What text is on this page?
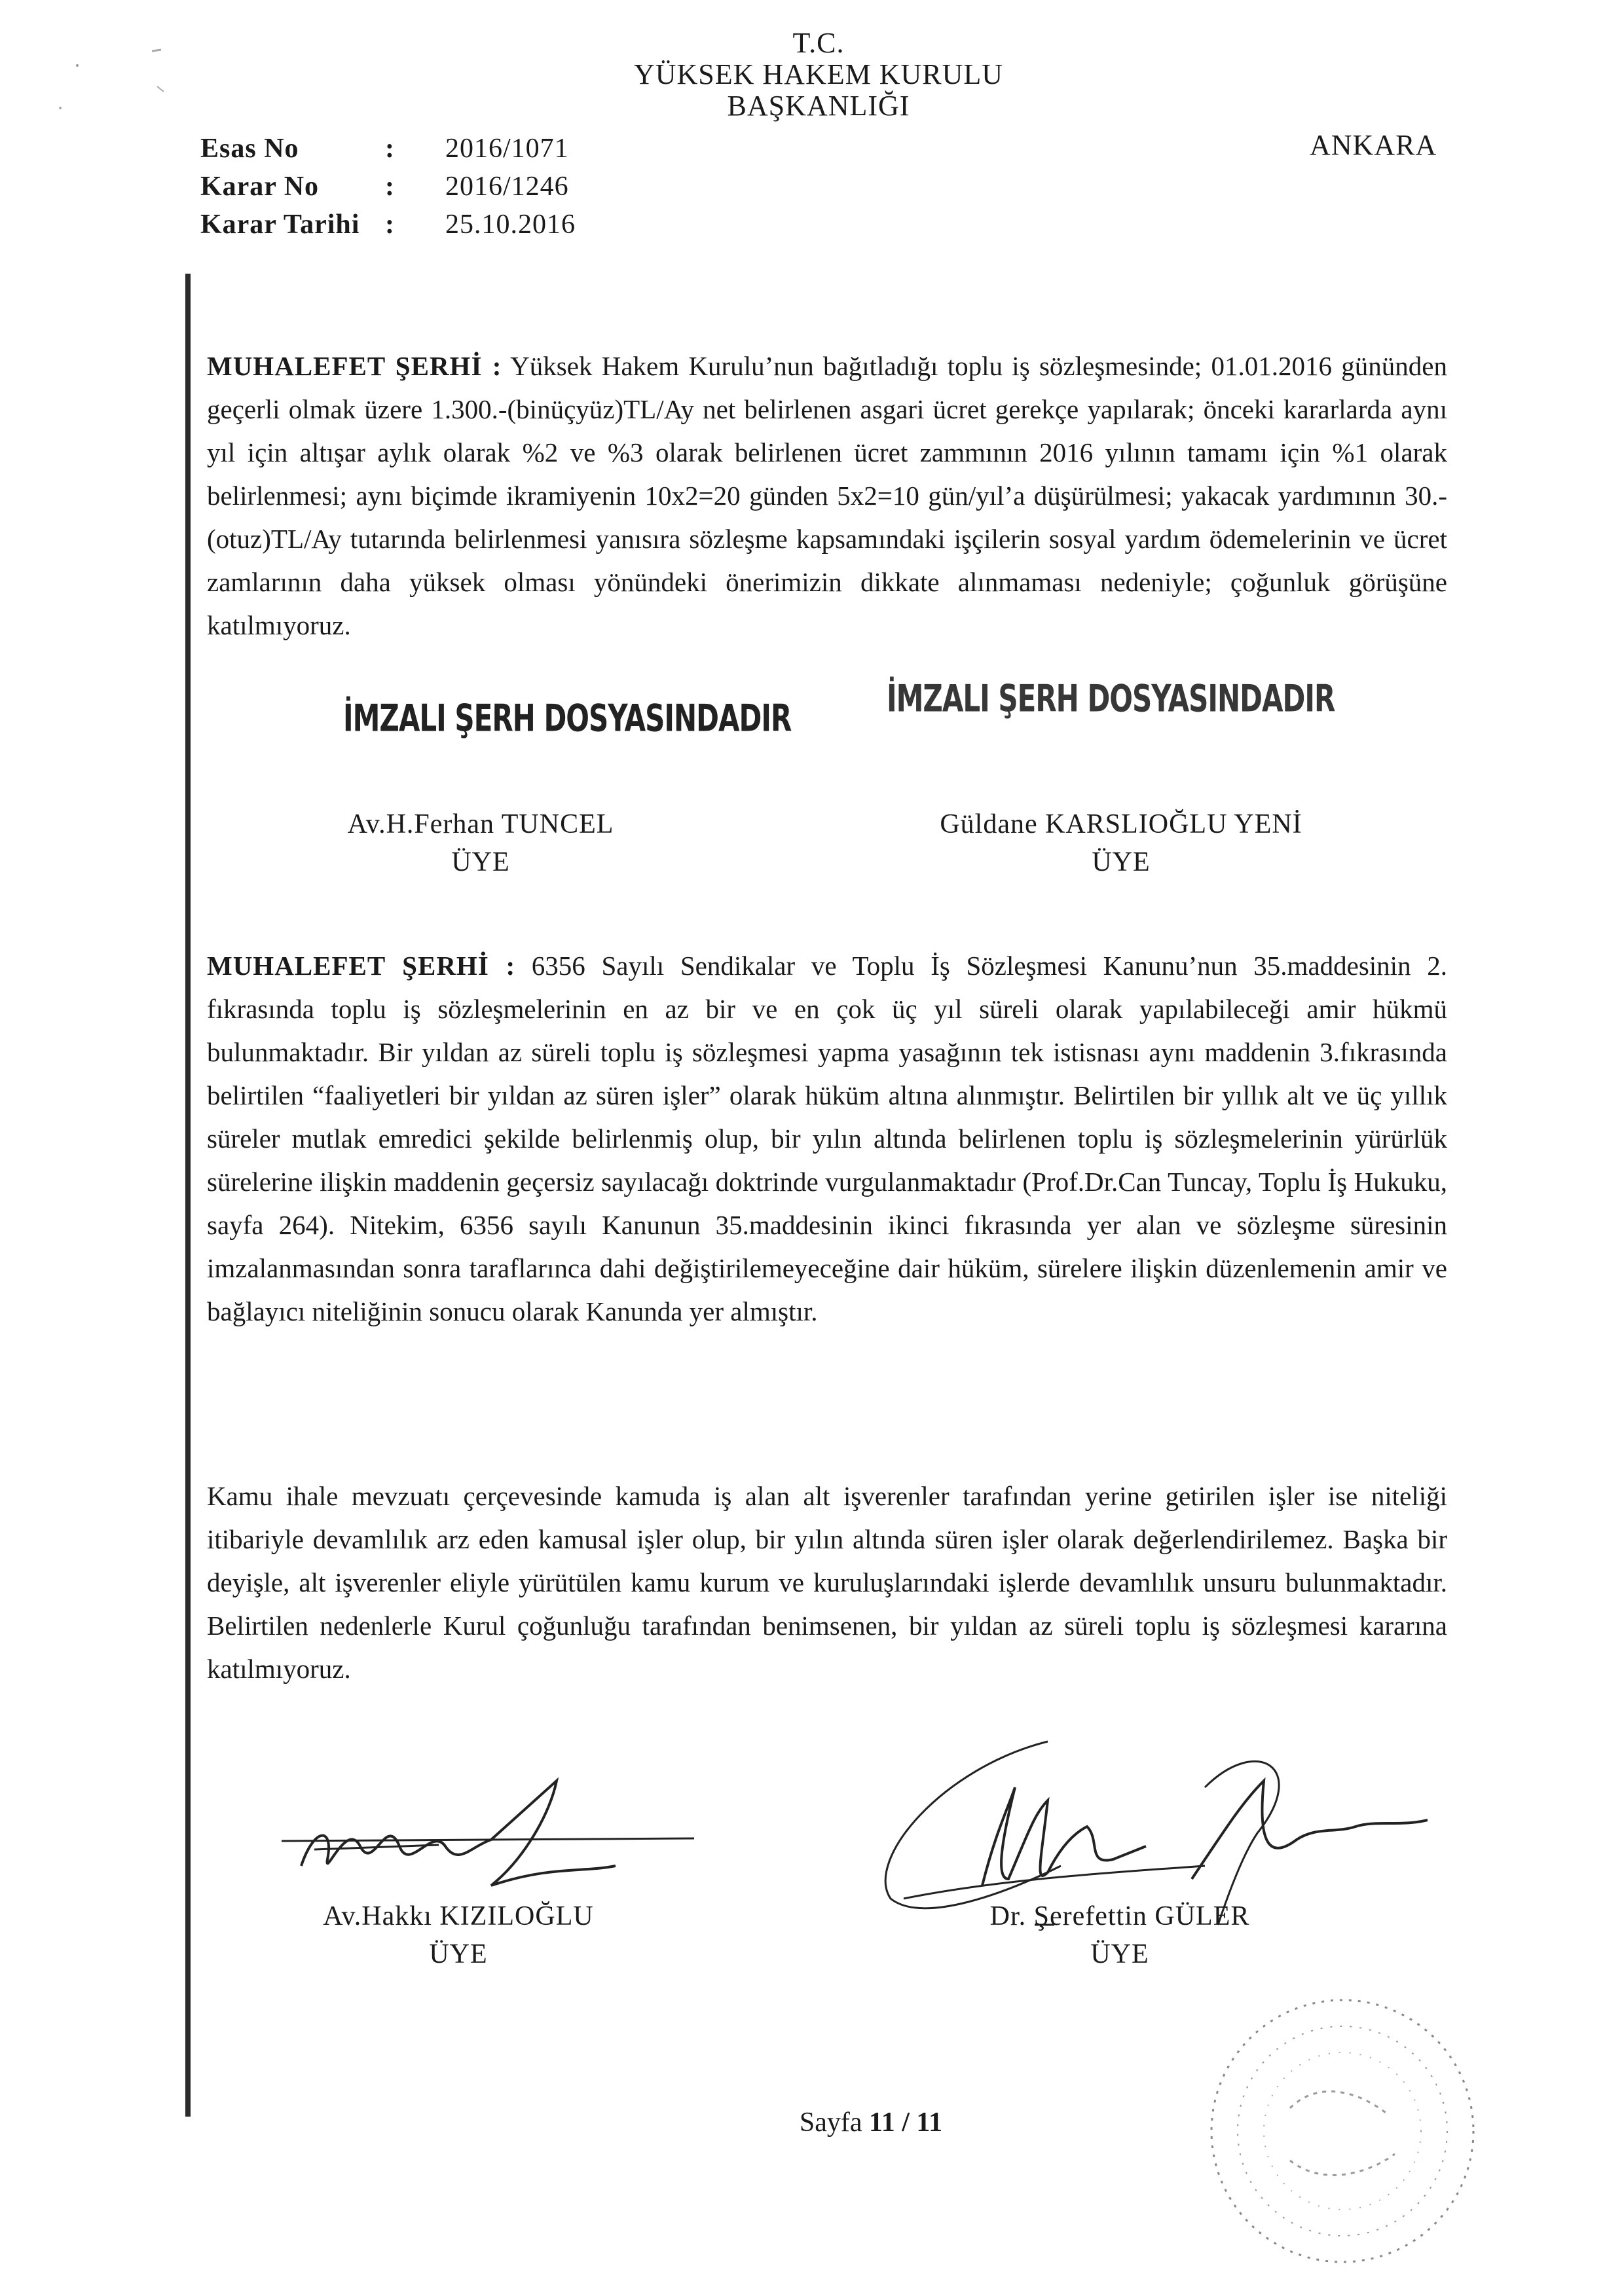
T.C.
YÜKSEK HAKEM KURULU
BAŞKANLIĞI
ANKARA
Esas No	:	2016/1071
Karar No	:	2016/1246
Karar Tarihi :	25.10.2016
MUHALEFET ŞERHİ : Yüksek Hakem Kurulu’nun bağıtladığı toplu iş sözleşmesinde; 01.01.2016 gününden geçerli olmak üzere 1.300.-(binüçyüz)TL/Ay net belirlenen asgari ücret gerekçe yapılarak; önceki kararlarda aynı yıl için altışar aylık olarak %2 ve %3 olarak belirlenen ücret zammının 2016 yılının tamamı için %1 olarak belirlenmesi; aynı biçimde ikramiyenin 10x2=20 günden 5x2=10 gün/yıl’a düşürülmesi; yakacak yardımının 30.-(otuz)TL/Ay tutarında belirlenmesi yanısıra sözleşme kapsamındaki işçilerin sosyal yardım ödemelerinin ve ücret zamlarının daha yüksek olması yönündeki önerimizin dikkate alınmaması nedeniyle; çoğunluk görüşüne katılmıyoruz.
İMZALI ŞERH DOSYASINDADIR	İMZALI ŞERH DOSYASINDADIR
Av.H.Ferhan TUNCEL
ÜYE
Güldane KARSLIOĞLU YENİ
ÜYE
MUHALEFET ŞERHİ : 6356 Sayılı Sendikalar ve Toplu İş Sözleşmesi Kanunu’nun 35.maddesinin 2. fıkrasında toplu iş sözleşmelerinin en az bir ve en çok üç yıl süreli olarak yapılabileceği amir hükmü bulunmaktadır. Bir yıldan az süreli toplu iş sözleşmesi yapma yasağının tek istisnası aynı maddenin 3.fıkrasında belirtilen “faaliyetleri bir yıldan az süren işler” olarak hüküm altına alınmıştır. Belirtilen bir yıllık alt ve üç yıllık süreler mutlak emredici şekilde belirlenmiş olup, bir yılın altında belirlenen toplu iş sözleşmelerinin yürürlük sürelerine ilişkin maddenin geçersiz sayılacağı doktrinde vurgulanmaktadır (Prof.Dr.Can Tuncay, Toplu İş Hukuku, sayfa 264). Nitekim, 6356 sayılı Kanunun 35.maddesinin ikinci fıkrasında yer alan ve sözleşme süresinin imzalanmasından sonra taraflarınca dahi değiştirilemeyeceğine dair hüküm, sürelere ilişkin düzenlemenin amir ve bağlayıcı niteliğinin sonucu olarak Kanunda yer almıştır.
Kamu ihale mevzuatı çerçevesinde kamuda iş alan alt işverenler tarafından yerine getirilen işler ise niteliği itibariyle devamlılık arz eden kamusal işler olup, bir yılın altında süren işler olarak değerlendirilemez. Başka bir deyişle, alt işverenler eliyle yürütülen kamu kurum ve kuruluşlarındaki işlerde devamlılık unsuru bulunmaktadır. Belirtilen nedenlerle Kurul çoğunluğu tarafından benimsenen, bir yıldan az süreli toplu iş sözleşmesi kararına katılmıyoruz.
Av.Hakkı KIZILOĞLU
ÜYE
Dr. Şerefettin GÜLER
ÜYE
Sayfa 11 / 11
